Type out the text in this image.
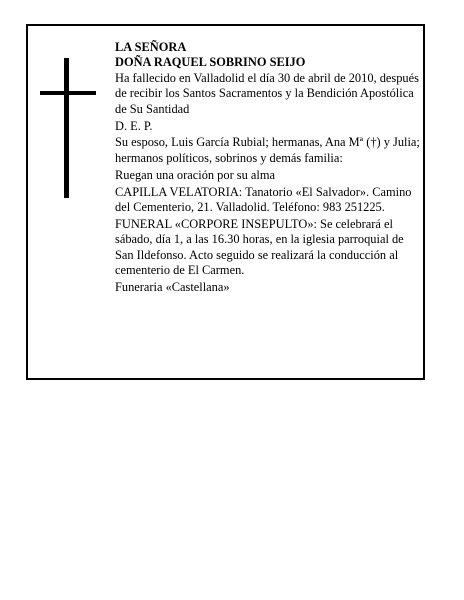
LA SEÑORA

DOÑA RAQUEL SOBRINO SEIJO

Ha fallecido en Valladolid el día 30 de abril de 2010, después de recibir los Santos Sacramentos y la Bendición Apostólica de Su Santidad

D. E. P.

Su esposo, Luis García Rubial; hermanas, Ana Mª (†) y Julia; hermanos políticos, sobrinos y demás familia:

Ruegan una oración por su alma

CAPILLA VELATORIA: Tanatorio «El Salvador». Camino del Cementerio, 21. Valladolid. Teléfono: 983 251225.

FUNERAL «CORPORE INSEPULTO»: Se celebrará el sábado, día 1, a las 16.30 horas, en la iglesia parroquial de San Ildefonso. Acto seguido se realizará la conducción al cementerio de El Carmen.

Funeraria «Castellana»
